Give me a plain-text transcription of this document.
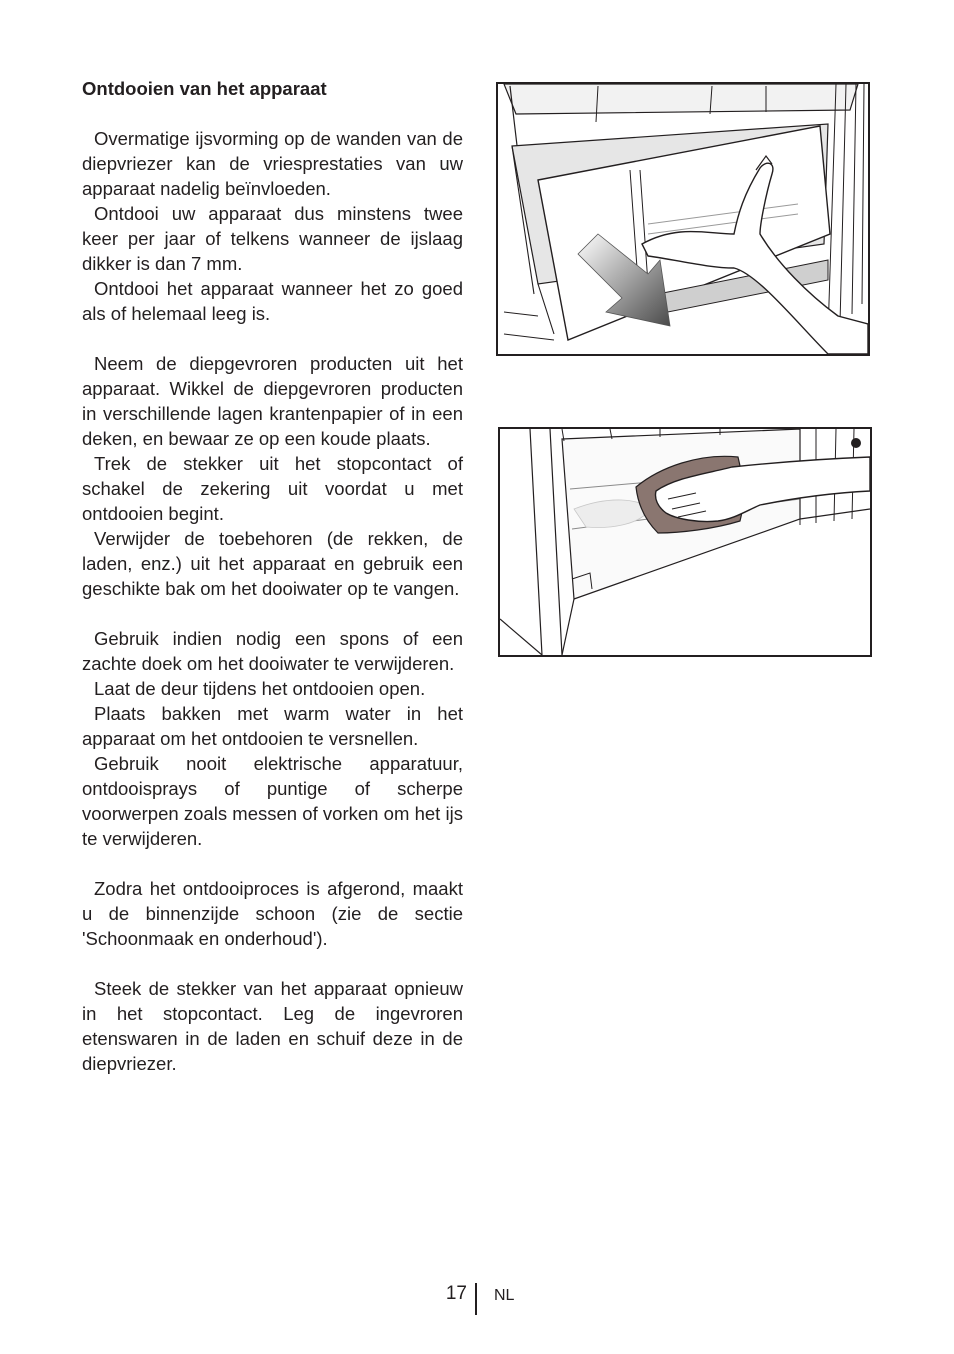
Ontdooien van het apparaat

Overmatige ijsvorming op de wanden van de diepvriezer kan de vriesprestaties van uw apparaat nadelig beïnvloeden.

Ontdooi uw apparaat dus minstens twee keer per jaar of telkens wanneer de ijslaag dikker is dan 7 mm.

Ontdooi het apparaat wanneer het zo goed als of helemaal leeg is.

Neem de diepgevroren producten uit het apparaat. Wikkel de diepgevroren producten in verschillende lagen krantenpapier of in een deken, en bewaar ze op een koude plaats.

Trek de stekker uit het stopcontact of schakel de zekering uit voordat u met ontdooien begint.

Verwijder de toebehoren (de rekken, de laden, enz.) uit het apparaat en gebruik een geschikte bak om het dooiwater op te vangen.

Gebruik indien nodig een spons of een zachte doek om het dooiwater te verwijderen.

Laat de deur tijdens het ontdooien open.

Plaats bakken met warm water in het apparaat om het ontdooien te versnellen.

Gebruik nooit elektrische apparatuur, ontdooisprays of puntige of scherpe voorwerpen zoals messen of vorken om het ijs te verwijderen.

Zodra het ontdooiproces is afgerond, maakt u de binnenzijde schoon (zie de sectie 'Schoonmaak en onderhoud').

Steek de stekker van het apparaat opnieuw in het stopcontact. Leg de ingevroren etenswaren in de laden en schuif deze in de diepvriezer.

17 NL
